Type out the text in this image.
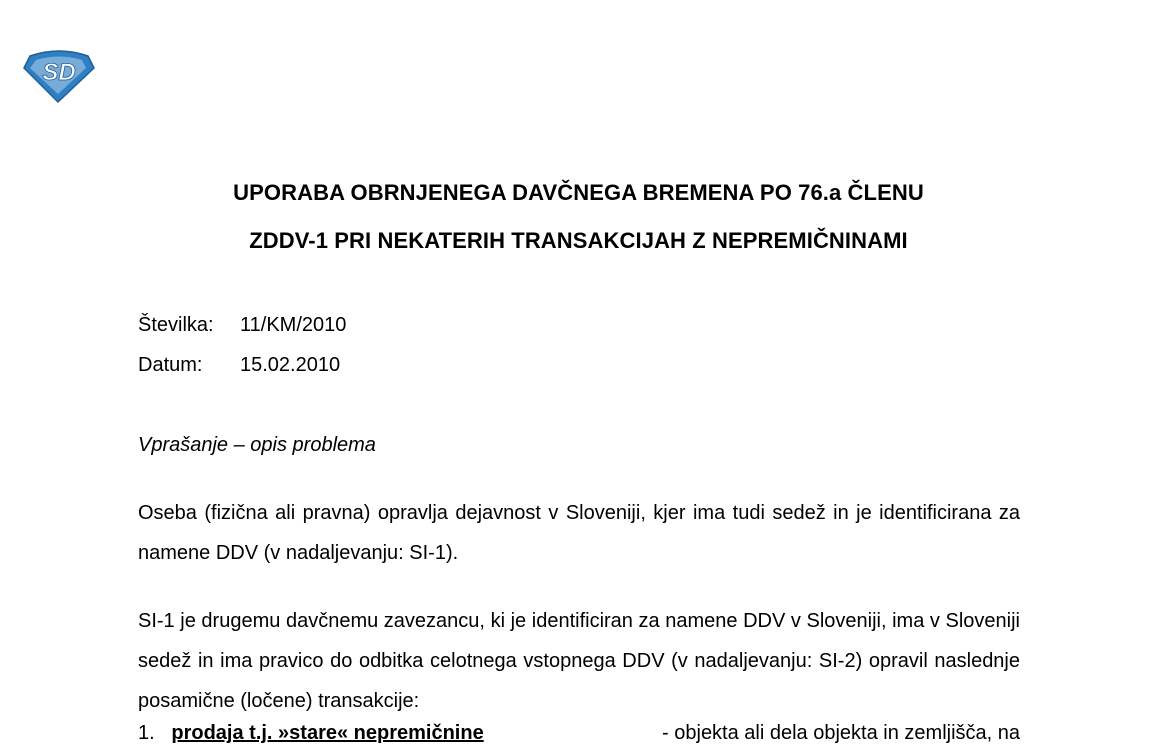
SD
UPORABA OBRNJENEGA DAVČNEGA BREMENA PO 76.a ČLENU
ZDDV-1 PRI NEKATERIH TRANSAKCIJAH Z NEPREMIČNINAMI
Številka: 11/KM/2010
Datum: 15.02.2010
Vprašanje – opis problema
Oseba (fizična ali pravna) opravlja dejavnost v Sloveniji, kjer ima tudi sedež in je identificirana za namene DDV (v nadaljevanju: SI-1).
SI-1 je drugemu davčnemu zavezancu, ki je identificiran za namene DDV v Sloveniji, ima v Sloveniji sedež in ima pravico do odbitka celotnega vstopnega DDV (v nadaljevanju: SI-2) opravil naslednje posamične (ločene) transakcije:
1. prodaja t.j. »stare« nepremičnine	- objekta ali dela objekta in zemljišča, na
